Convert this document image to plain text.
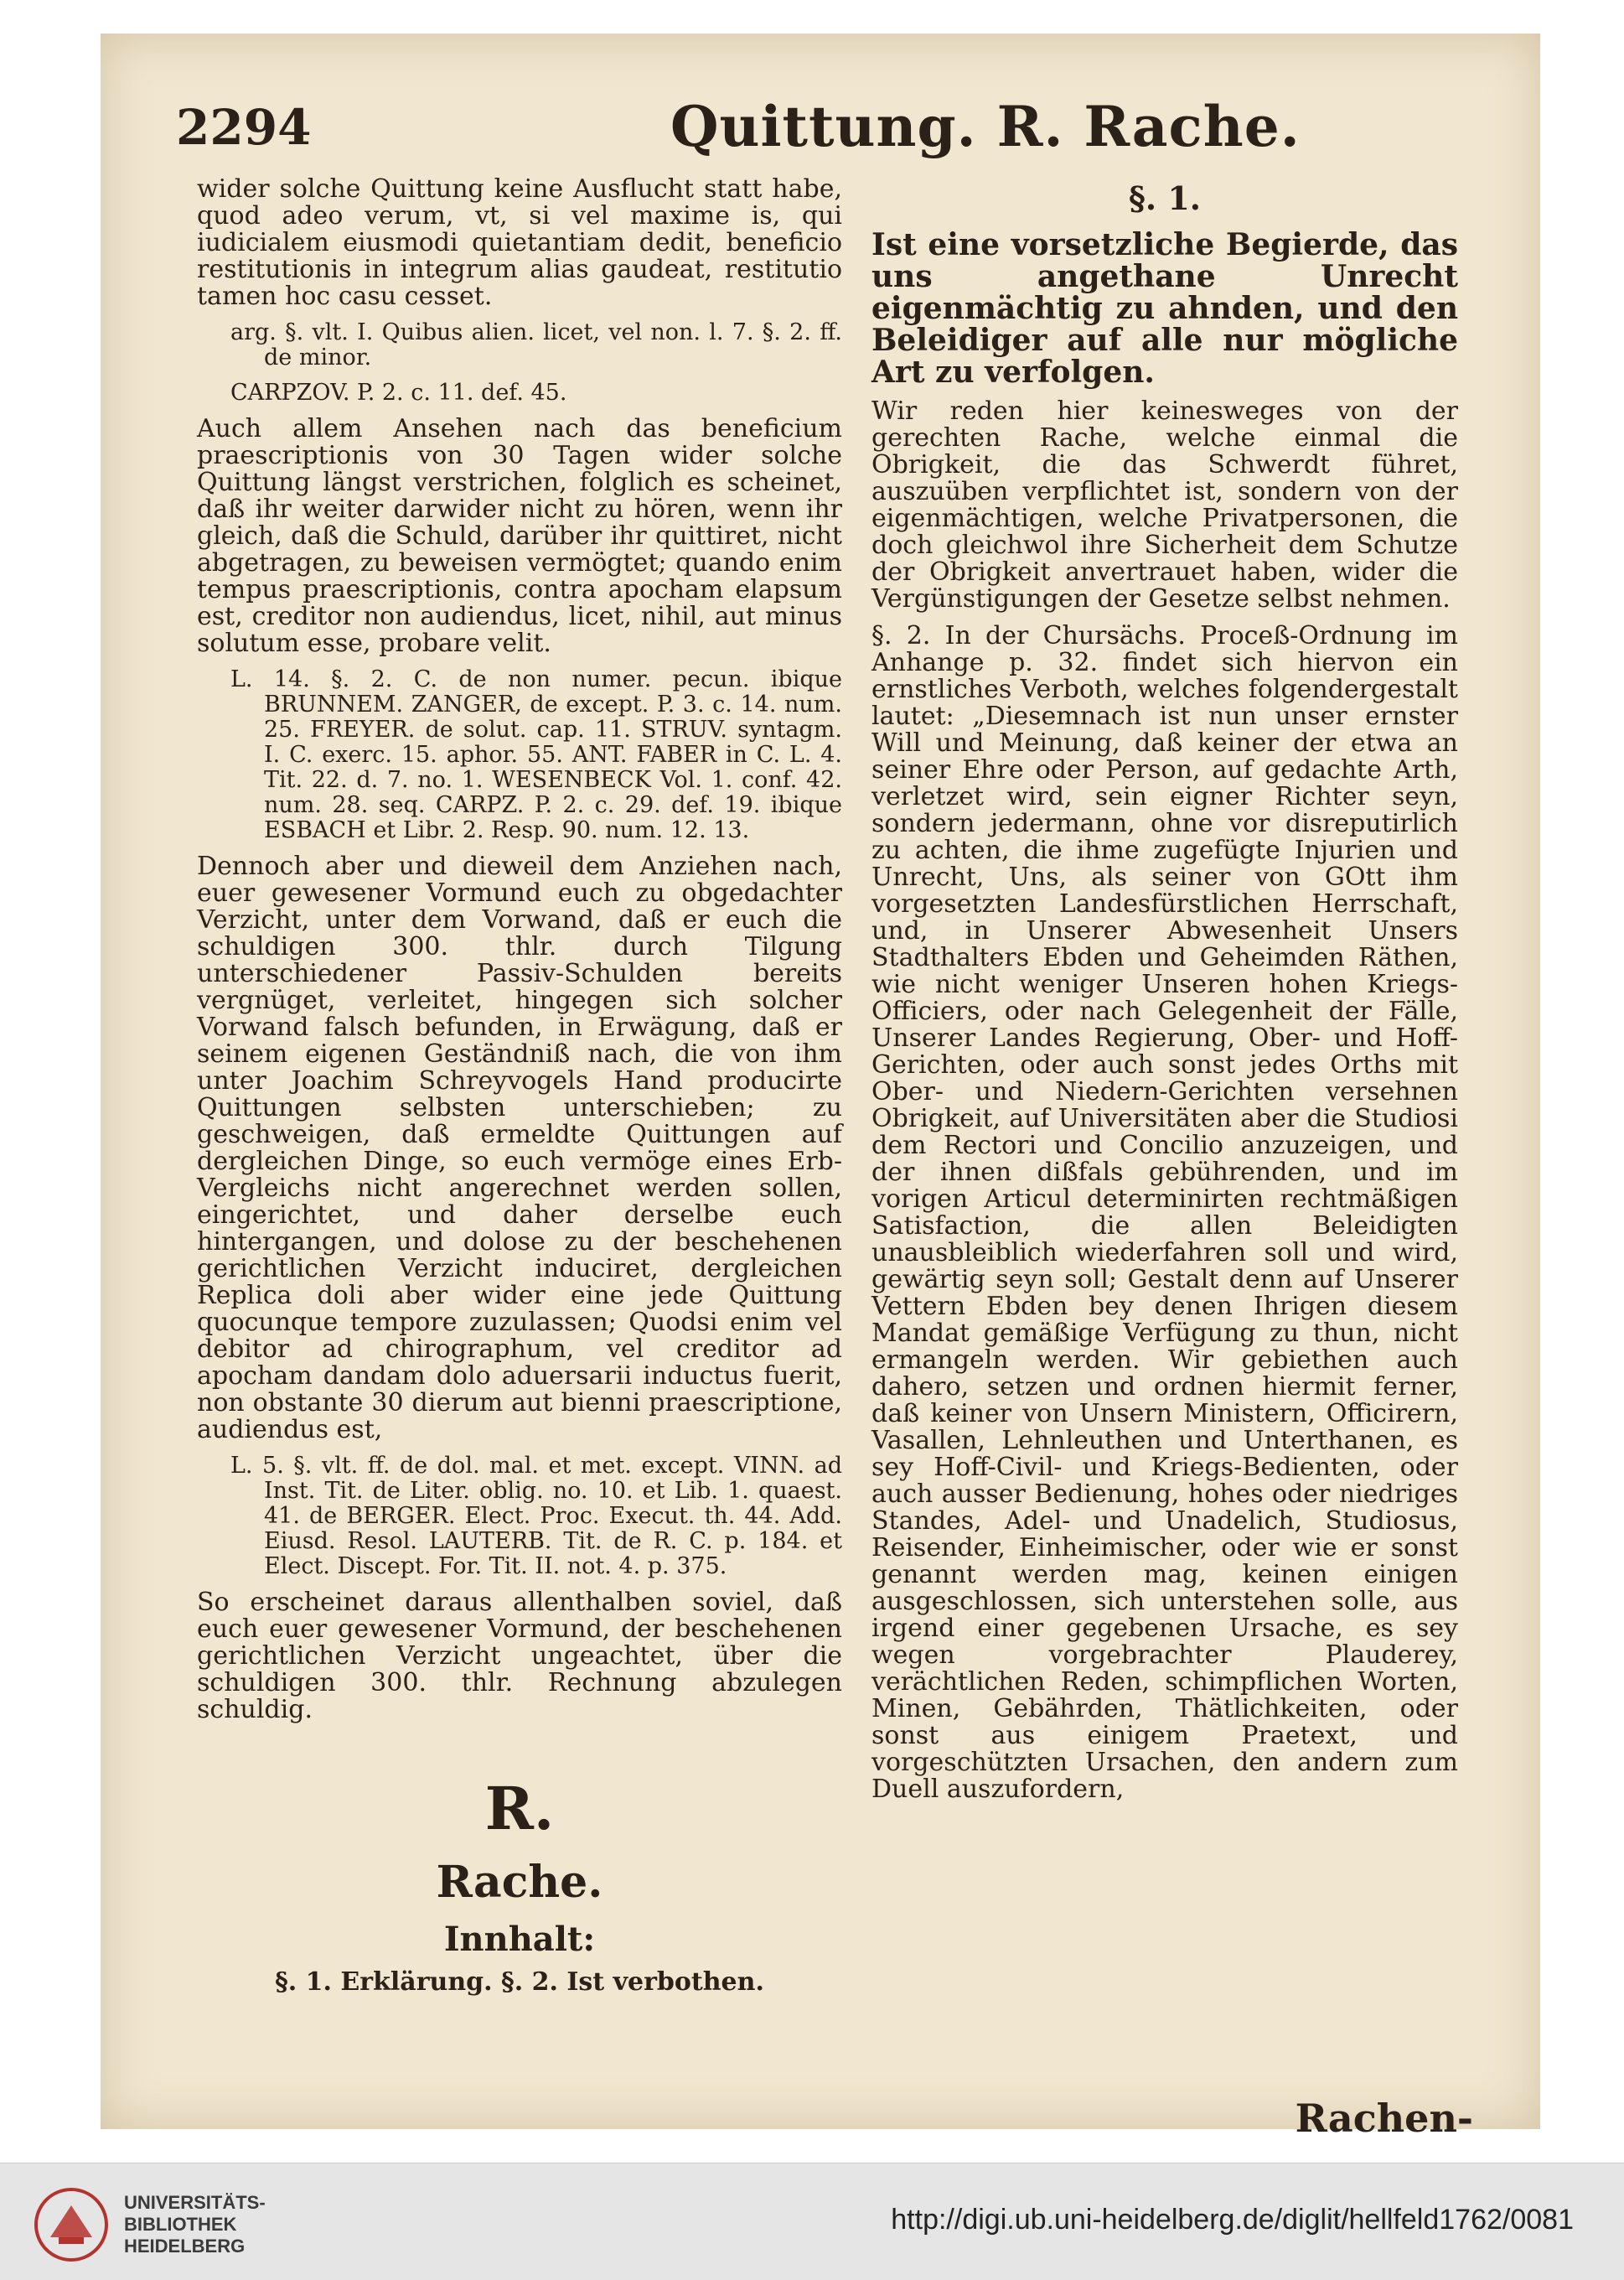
2294	Quittung. R. Rache.

wider solche Quittung keine Ausflucht statt habe, quod adeo verum, vt, si vel maxime is, qui iudicialem eiusmodi quietantiam dedit, beneficio restitutionis in integrum alias gaudeat, restitutio tamen hoc casu cesset.

arg. §. vlt. I. Quibus alien. licet, vel non. l. 7. §. 2. ff. de minor.

CARPZOV. P. 2. c. 11. def. 45.

Auch allem Ansehen nach das beneficium praescriptionis von 30 Tagen wider solche Quittung längst verstrichen, folglich es scheinet, daß ihr weiter darwider nicht zu hören, wenn ihr gleich, daß die Schuld, darüber ihr quittiret, nicht abgetragen, zu beweisen vermögtet; quando enim tempus praescriptionis, contra apocham elapsum est, creditor non audiendus, licet, nihil, aut minus solutum esse, probare velit.

L. 14. §. 2. C. de non numer. pecun. ibique BRUNNEM. ZANGER, de except. P. 3. c. 14. num. 25. FREYER. de solut. cap. 11. STRUV. syntagm. I. C. exerc. 15. aphor. 55. ANT. FABER in C. L. 4. Tit. 22. d. 7. no. 1. WESENBECK Vol. 1. conf. 42. num. 28. seq. CARPZ. P. 2. c. 29. def. 19. ibique ESBACH et Libr. 2. Resp. 90. num. 12. 13.

Dennoch aber und dieweil dem Anziehen nach, euer gewesener Vormund euch zu obgedachter Verzicht, unter dem Vorwand, daß er euch die schuldigen 300. thlr. durch Tilgung unterschiedener Passiv-Schulden bereits vergnüget, verleitet, hingegen sich solcher Vorwand falsch befunden, in Erwägung, daß er seinem eigenen Geständniß nach, die von ihm unter Joachim Schreyvogels Hand producirte Quittungen selbsten unterschieben; zu geschweigen, daß ermeldte Quittungen auf dergleichen Dinge, so euch vermöge eines Erb-Vergleichs nicht angerechnet werden sollen, eingerichtet, und daher derselbe euch hintergangen, und dolose zu der beschehenen gerichtlichen Verzicht induciret, dergleichen Replica doli aber wider eine jede Quittung quocunque tempore zuzulassen; Quodsi enim vel debitor ad chirographum, vel creditor ad apocham dandam dolo aduersarii inductus fuerit, non obstante 30 dierum aut bienni praescriptione, audiendus est,

L. 5. §. vlt. ff. de dol. mal. et met. except. VINN. ad Inst. Tit. de Liter. oblig. no. 10. et Lib. 1. quaest. 41. de BERGER. Elect. Proc. Execut. th. 44. Add. Eiusd. Resol. LAUTERB. Tit. de R. C. p. 184. et Elect. Discept. For. Tit. II. not. 4. p. 375.

So erscheinet daraus allenthalben soviel, daß euch euer gewesener Vormund, der beschehenen gerichtlichen Verzicht ungeachtet, über die schuldigen 300. thlr. Rechnung abzulegen schuldig.

R.
Rache.
Innhalt:
§. 1. Erklärung. §. 2. Ist verbothen.
§. 1.

Ist eine vorsetzliche Begierde, das uns angethane Unrecht eigenmächtig zu ahnden, und den Beleidiger auf alle nur mögliche Art zu verfolgen.

Wir reden hier keinesweges von der gerechten Rache, welche einmal die Obrigkeit, die das Schwerdt führet, auszuüben verpflichtet ist, sondern von der eigenmächtigen, welche Privatpersonen, die doch gleichwol ihre Sicherheit dem Schutze der Obrigkeit anvertrauet haben, wider die Vergünstigungen der Gesetze selbst nehmen.

§. 2. In der Chursächs. Proceß-Ordnung im Anhange p. 32. findet sich hiervon ein ernstliches Verboth, welches folgendergestalt lautet: „Diesemnach ist nun unser ernster Will und Meinung, daß keiner der etwa an seiner Ehre oder Person, auf gedachte Arth, verletzet wird, sein eigner Richter seyn, sondern jedermann, ohne vor disreputirlich zu achten, die ihme zugefügte Injurien und Unrecht, Uns, als seiner von GOtt ihm vorgesetzten Landesfürstlichen Herrschaft, und, in Unserer Abwesenheit Unsers Stadthalters Ebden und Geheimden Räthen, wie nicht weniger Unseren hohen Kriegs-Officiers, oder nach Gelegenheit der Fälle, Unserer Landes Regierung, Ober- und Hoff-Gerichten, oder auch sonst jedes Orths mit Ober- und Niedern-Gerichten versehnen Obrigkeit, auf Universitäten aber die Studiosi dem Rectori und Concilio anzuzeigen, und der ihnen dißfals gebührenden, und im vorigen Articul determinirten rechtmäßigen Satisfaction, die allen Beleidigten unausbleiblich wiederfahren soll und wird, gewärtig seyn soll; Gestalt denn auf Unserer Vettern Ebden bey denen Ihrigen diesem Mandat gemäßige Verfügung zu thun, nicht ermangeln werden. Wir gebiethen auch dahero, setzen und ordnen hiermit ferner, daß keiner von Unsern Ministern, Officirern, Vasallen, Lehnleuthen und Unterthanen, es sey Hoff-Civil- und Kriegs-Bedienten, oder auch ausser Bedienung, hohes oder niedriges Standes, Adel- und Unadelich, Studiosus, Reisender, Einheimischer, oder wie er sonst genannt werden mag, keinen einigen ausgeschlossen, sich unterstehen solle, aus irgend einer gegebenen Ursache, es sey wegen vorgebrachter Plauderey, verächtlichen Reden, schimpflichen Worten, Minen, Gebährden, Thätlichkeiten, oder sonst aus einigem Praetext, und vorgeschützten Ursachen, den andern zum Duell auszufordern,

Rachen-
UNIVERSITÄTS-
BIBLIOTHEK
HEIDELBERG
http://digi.ub.uni-heidelberg.de/diglit/hellfeld1762/0081
